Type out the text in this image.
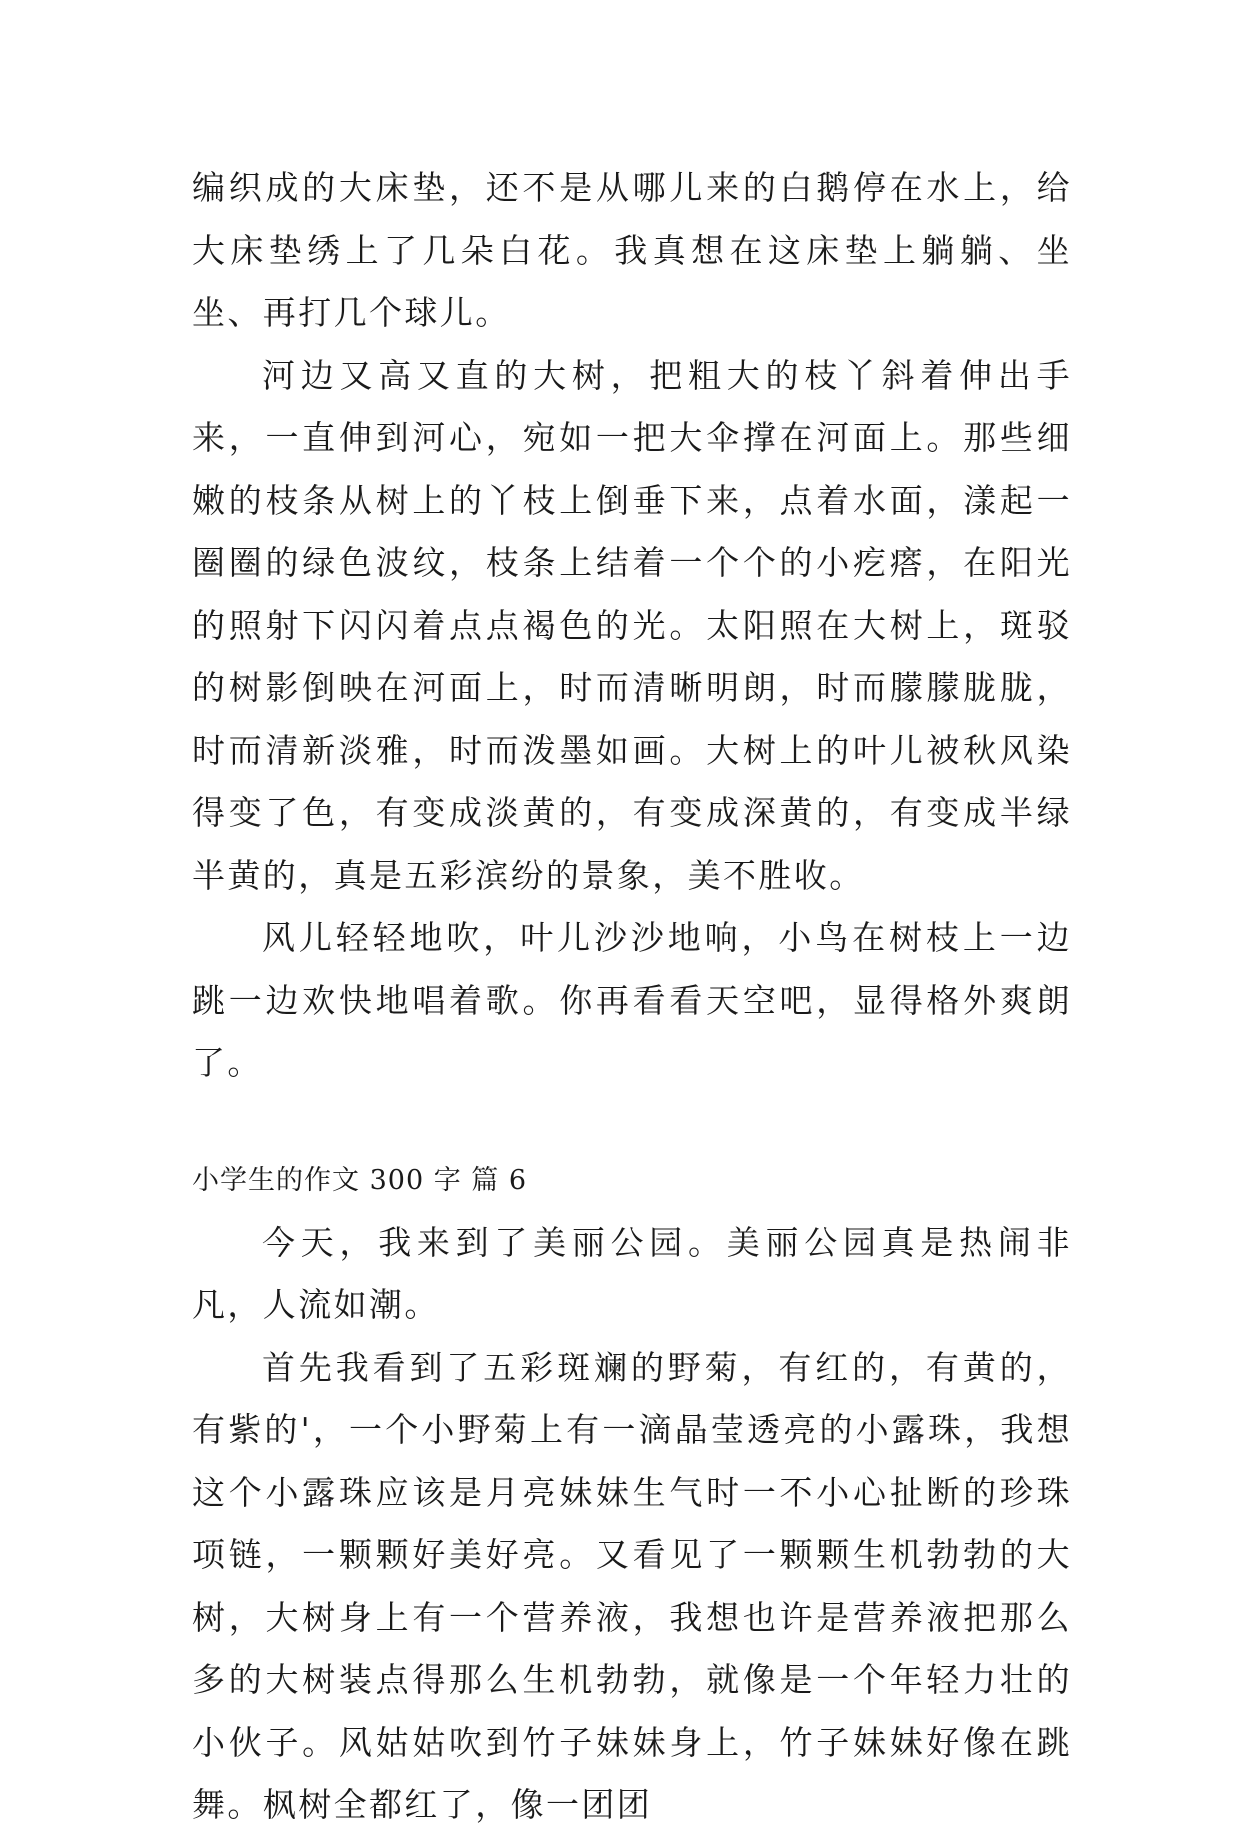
编织成的大床垫，还不是从哪儿来的白鹅停在水上，给大床垫绣上了几朵白花。我真想在这床垫上躺躺、坐坐、再打几个球儿。

河边又高又直的大树，把粗大的枝丫斜着伸出手来，一直伸到河心，宛如一把大伞撑在河面上。那些细嫩的枝条从树上的丫枝上倒垂下来，点着水面，漾起一圈圈的绿色波纹，枝条上结着一个个的小疙瘩，在阳光的照射下闪闪着点点褐色的光。太阳照在大树上，斑驳的树影倒映在河面上，时而清晰明朗，时而朦朦胧胧，时而清新淡雅，时而泼墨如画。大树上的叶儿被秋风染得变了色，有变成淡黄的，有变成深黄的，有变成半绿半黄的，真是五彩滨纷的景象，美不胜收。

风儿轻轻地吹，叶儿沙沙地响，小鸟在树枝上一边跳一边欢快地唱着歌。你再看看天空吧，显得格外爽朗了。

小学生的作文 300 字 篇 6

今天，我来到了美丽公园。美丽公园真是热闹非凡，人流如潮。

首先我看到了五彩斑斓的野菊，有红的，有黄的，有紫的'，一个小野菊上有一滴晶莹透亮的小露珠，我想这个小露珠应该是月亮妹妹生气时一不小心扯断的珍珠项链，一颗颗好美好亮。又看见了一颗颗生机勃勃的大树，大树身上有一个营养液，我想也许是营养液把那么多的大树装点得那么生机勃勃，就像是一个年轻力壮的小伙子。风姑姑吹到竹子妹妹身上，竹子妹妹好像在跳舞。枫树全都红了，像一团团
